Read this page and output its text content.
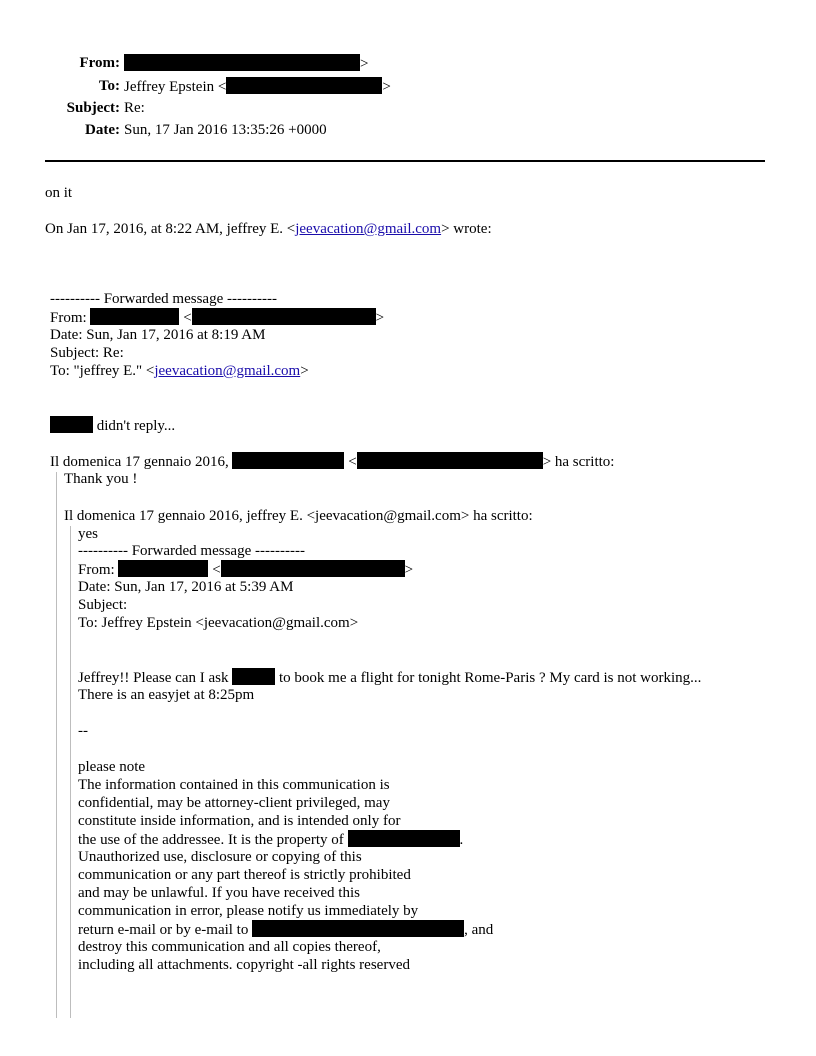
From:	>
To: Jeffrey Epstein <	>
Subject: Re:
Date: Sun, 17 Jan 2016 13:35:26 +0000
on it
On Jan 17, 2016, at 8:22 AM, jeffrey E. <jeevacation@gmail.com> wrote:
---------- Forwarded message ----------
From:	<	>
Date: Sun, Jan 17, 2016 at 8:19 AM
Subject: Re:
To: "jeffrey E." <jeevacation@gmail.com>
didn't reply...
Il domenica 17 gennaio 2016,	<	> ha scritto:
Thank you !
Il domenica 17 gennaio 2016, jeffrey E. <jeevacation@gmail.com> ha scritto:
yes
---------- Forwarded message ----------
From:	<	>
Date: Sun, Jan 17, 2016 at 5:39 AM
Subject:
To: Jeffrey Epstein <jeevacation@gmail.com>
Jeffrey!! Please can I ask	to book me a flight for tonight Rome-Paris ? My card is not working...
There is an easyjet at 8:25pm
--
please note
The information contained in this communication is
confidential, may be attorney-client privileged, may
constitute inside information, and is intended only for
the use of the addressee. It is the property of	.
Unauthorized use, disclosure or copying of this
communication or any part thereof is strictly prohibited
and may be unlawful. If you have received this
communication in error, please notify us immediately by
return e-mail or by e-mail to	, and
destroy this communication and all copies thereof,
including all attachments. copyright -all rights reserved
